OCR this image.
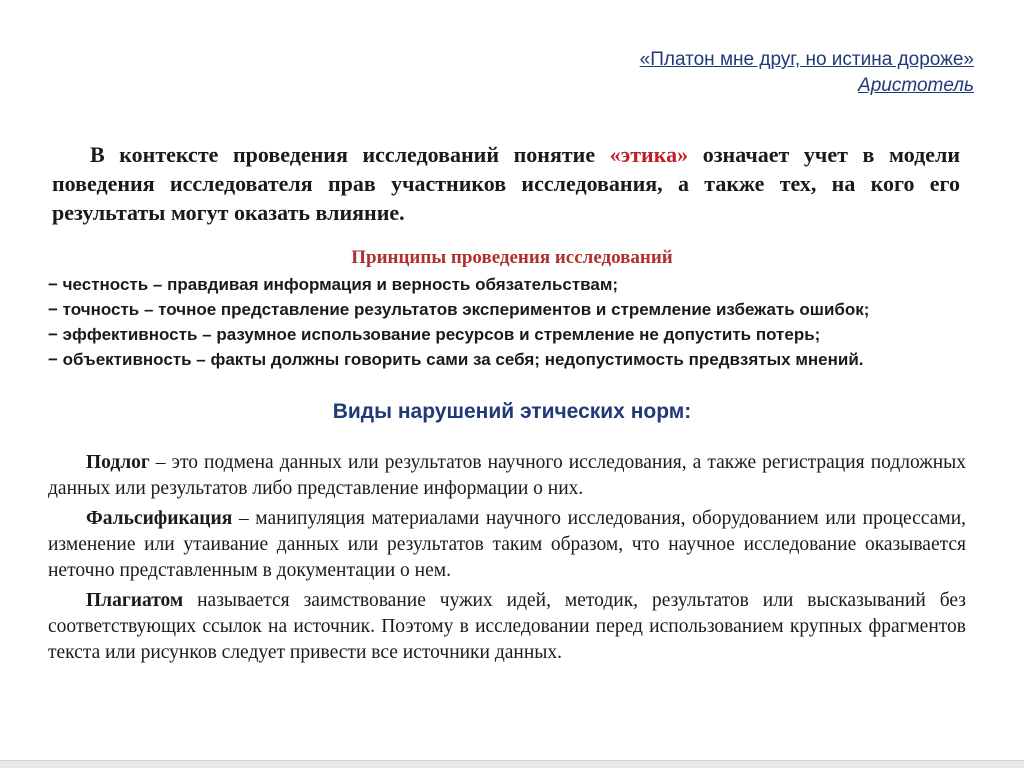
«Платон мне друг, но истина дороже»
Аристотель
В контексте проведения исследований понятие «этика» означает учет в модели поведения исследователя прав участников исследования, а также тех, на кого его результаты могут оказать влияние.
Принципы проведения исследований
− честность – правдивая информация и верность обязательствам;
− точность – точное представление результатов экспериментов и стремление избежать ошибок;
− эффективность – разумное использование ресурсов и стремление не допустить потерь;
− объективность – факты должны говорить сами за себя; недопустимость предвзятых мнений.
Виды нарушений этических норм:

Подлог – это подмена данных или результатов научного исследования, а также регистрация подложных данных или результатов либо представление информации о них.

Фальсификация – манипуляция материалами научного исследования, оборудованием или процессами, изменение или утаивание данных или результатов таким образом, что научное исследование оказывается неточно представленным в документации о нем.

Плагиатом называется заимствование чужих идей, методик, результатов или высказываний без соответствующих ссылок на источник. Поэтому в исследовании перед использованием крупных фрагментов текста или рисунков следует привести все источники данных.
